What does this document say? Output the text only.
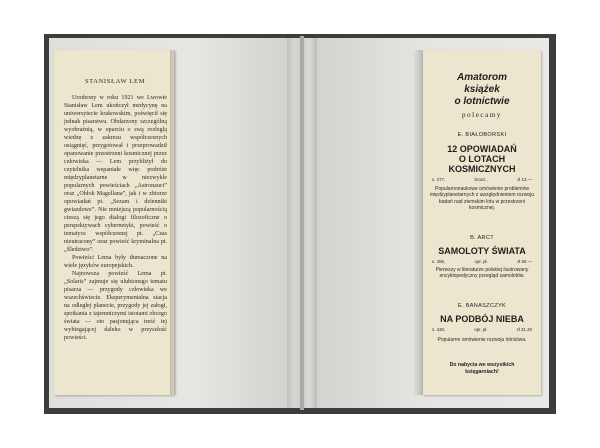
STANISŁAW LEM

Urodzony w roku 1921 we Lwowie Stanisław Lem ukończył medycynę na uniwersytecie krakowskim, poświęcił się jednak pisarstwu. Obdarzony szczególną wyobraźnią, w oparciu o swą rozległą wiedzę z zakresu współczesnych osiągnięć, przygotował i przeprowadził opanowanie przestrzeni kosmicznej przez człowieka — Lem przybliżył do czytelnika wspaniałe więc podróże międzyplanetarne w niezwykle popularnych powieściach „Astronauci” oraz „Obłok Magellana”, jak i w zbiorze opowiadań pt. „Sezam i dzienniki gwiazdowe”. Nie mniejszą popularnością cieszą się jego dialogi filozoficzne o perspektywach cybernetyki, powieść o tematyce współczesnej pt. „Czas nieutracony” oraz powieść kryminalna pt. „Śledztwo”.

Powieści Lema były tłumaczone na wiele języków europejskich.

Najnowsza powieść Lema pt. „Solaris” zajmuje się ulubionego tematu pisarza — przygody człowieka we wszechświecie. Eksperymentalna stacja na odległej planecie, przygody jej załogi, spotkania z tajemniczymi istotami obcego świata — oto pasjonująca treść tej wybiegającej daleko w przyszłość powieści.

Amatorom
książek
o lotnictwie
polecamy
E. BIAŁOBORSKI
12 OPOWIADAŃ
O LOTACH
KOSMICZNYCH
s. 277,	brosz.,	zł 13.—
Popularnonaukowe omówienie problemów międzyplanetarnych z uwzględnieniem rozwoju badań nad ziemskim lotu w przestrzeni kosmicznej.
B. ARCT
SAMOLOTY ŚWIATA
s. 356,	opr. pł.	zł 50.—
Pierwszy w literaturze polskiej ilustrowany encyklopedyczny przegląd samolotów.
E. BANASZCZYK
NA PODBÓJ NIEBA
s. 430,	opr. pł.	zł 31.20
Popularne omówienie rozwoju lotnictwa.
Do nabycia we wszystkich
księgarniach!
